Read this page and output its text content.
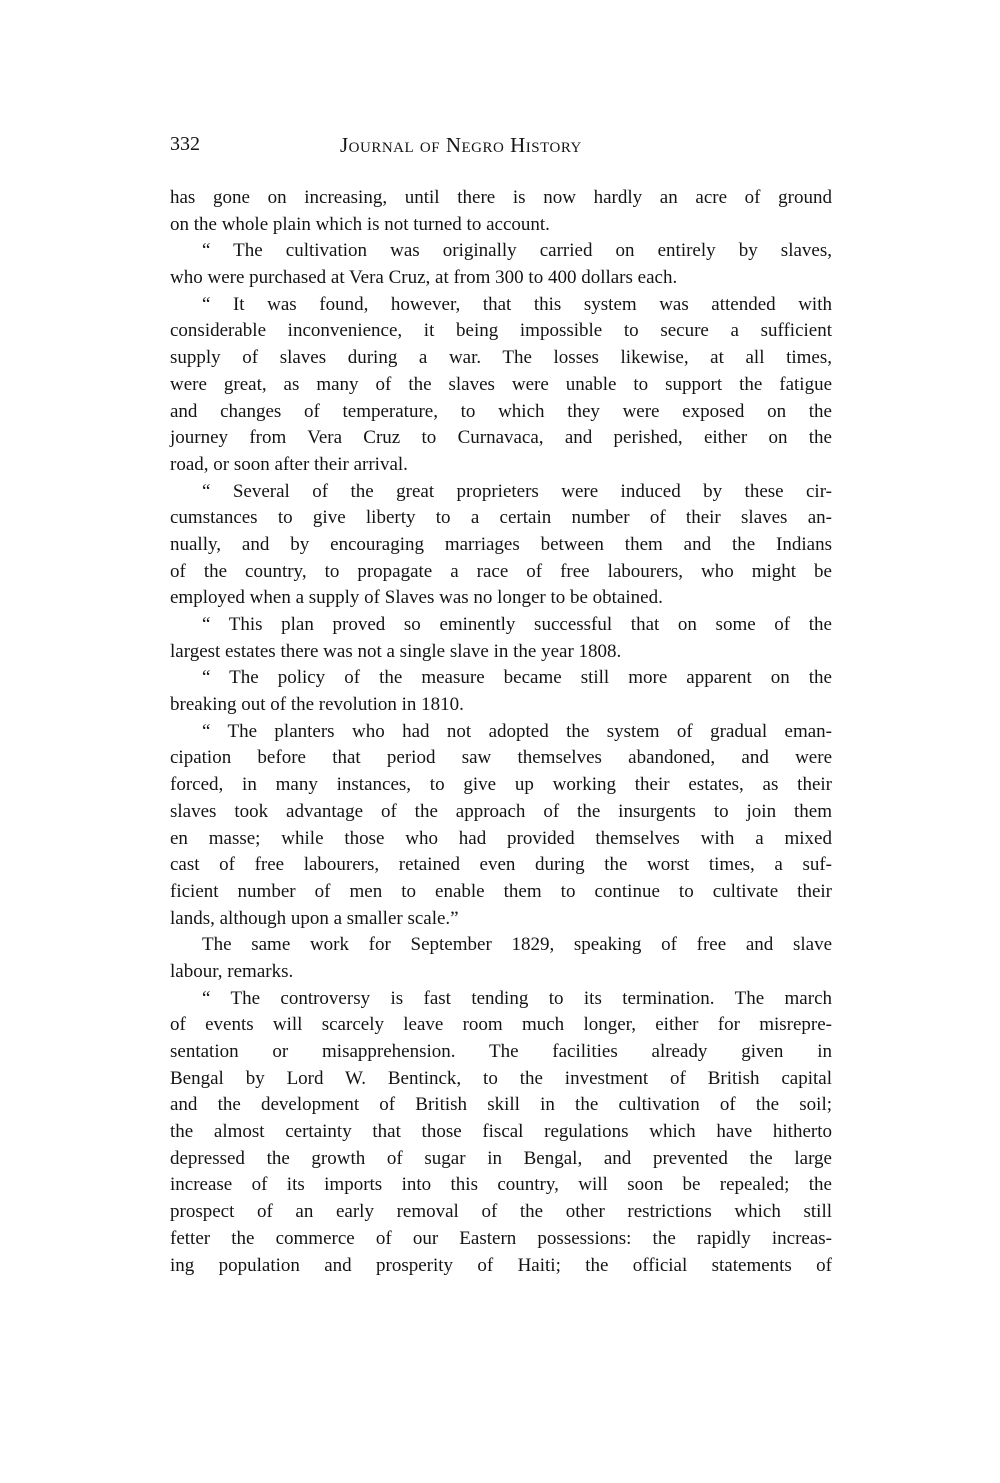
332	Journal of Negro History
has gone on increasing, until there is now hardly an acre of ground
on the whole plain which is not turned to account.
“ The cultivation was originally carried on entirely by slaves,
who were purchased at Vera Cruz, at from 300 to 400 dollars each.
“ It was found, however, that this system was attended with
considerable inconvenience, it being impossible to secure a sufficient
supply of slaves during a war. The losses likewise, at all times,
were great, as many of the slaves were unable to support the fatigue
and changes of temperature, to which they were exposed on the
journey from Vera Cruz to Curnavaca, and perished, either on the
road, or soon after their arrival.
“ Several of the great proprieters were induced by these cir-
cumstances to give liberty to a certain number of their slaves an-
nually, and by encouraging marriages between them and the Indians
of the country, to propagate a race of free labourers, who might be
employed when a supply of Slaves was no longer to be obtained.
“ This plan proved so eminently successful that on some of the
largest estates there was not a single slave in the year 1808.
“ The policy of the measure became still more apparent on the
breaking out of the revolution in 1810.
“ The planters who had not adopted the system of gradual eman-
cipation before that period saw themselves abandoned, and were
forced, in many instances, to give up working their estates, as their
slaves took advantage of the approach of the insurgents to join them
en masse; while those who had provided themselves with a mixed
cast of free labourers, retained even during the worst times, a suf-
ficient number of men to enable them to continue to cultivate their
lands, although upon a smaller scale.”
The same work for September 1829, speaking of free and slave
labour, remarks.
“ The controversy is fast tending to its termination. The march
of events will scarcely leave room much longer, either for misrepre-
sentation or misapprehension. The facilities already given in
Bengal by Lord W. Bentinck, to the investment of British capital
and the development of British skill in the cultivation of the soil;
the almost certainty that those fiscal regulations which have hitherto
depressed the growth of sugar in Bengal, and prevented the large
increase of its imports into this country, will soon be repealed; the
prospect of an early removal of the other restrictions which still
fetter the commerce of our Eastern possessions: the rapidly increas-
ing population and prosperity of Haiti; the official statements of
